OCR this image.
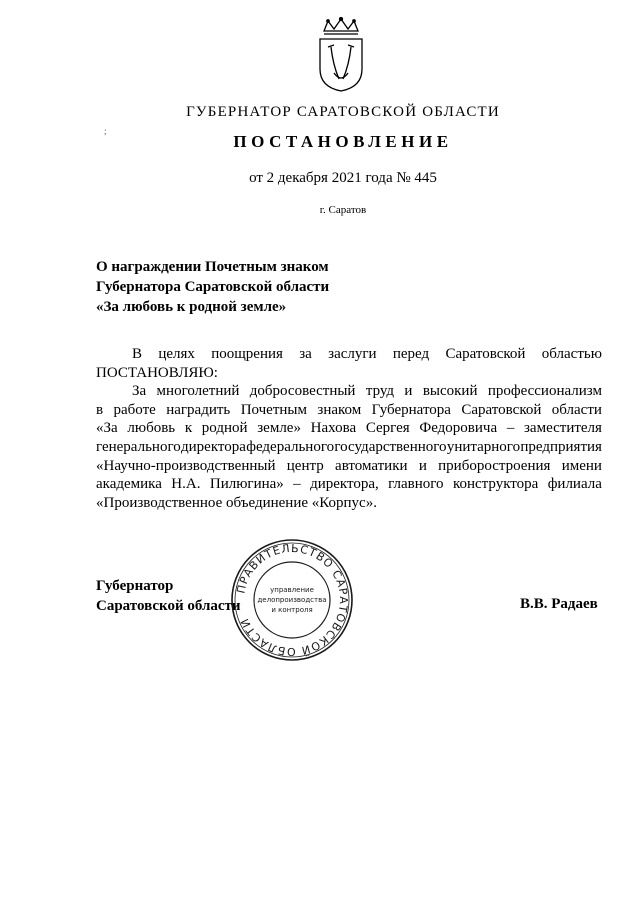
;
ГУБЕРНАТОР САРАТОВСКОЙ ОБЛАСТИ
ПОСТАНОВЛЕНИЕ
от 2 декабря 2021 года № 445
г. Саратов
О награждении Почетным знаком
Губернатора Саратовской области
«За любовь к родной земле»
В целях поощрения за заслуги перед Саратовской областью
ПОСТАНОВЛЯЮ:
За многолетний добросовестный труд и высокий профессионализм
в работе наградить Почетным знаком Губернатора Саратовской области
«За любовь к родной земле» Нахова Сергея Федоровича – заместителя
генерального директора федерального государственного унитарного предприятия
«Научно-производственный центр автоматики и приборостроения имени
академика Н.А. Пилюгина» – директора, главного конструктора филиала
«Производственное объединение «Корпус».
Губернатор
Саратовской области
ПРАВИТЕЛЬСТВО САРАТОВСКОЙ ОБЛАСТИ
управление
делопроизводства
и контроля	В.В. Радаев
